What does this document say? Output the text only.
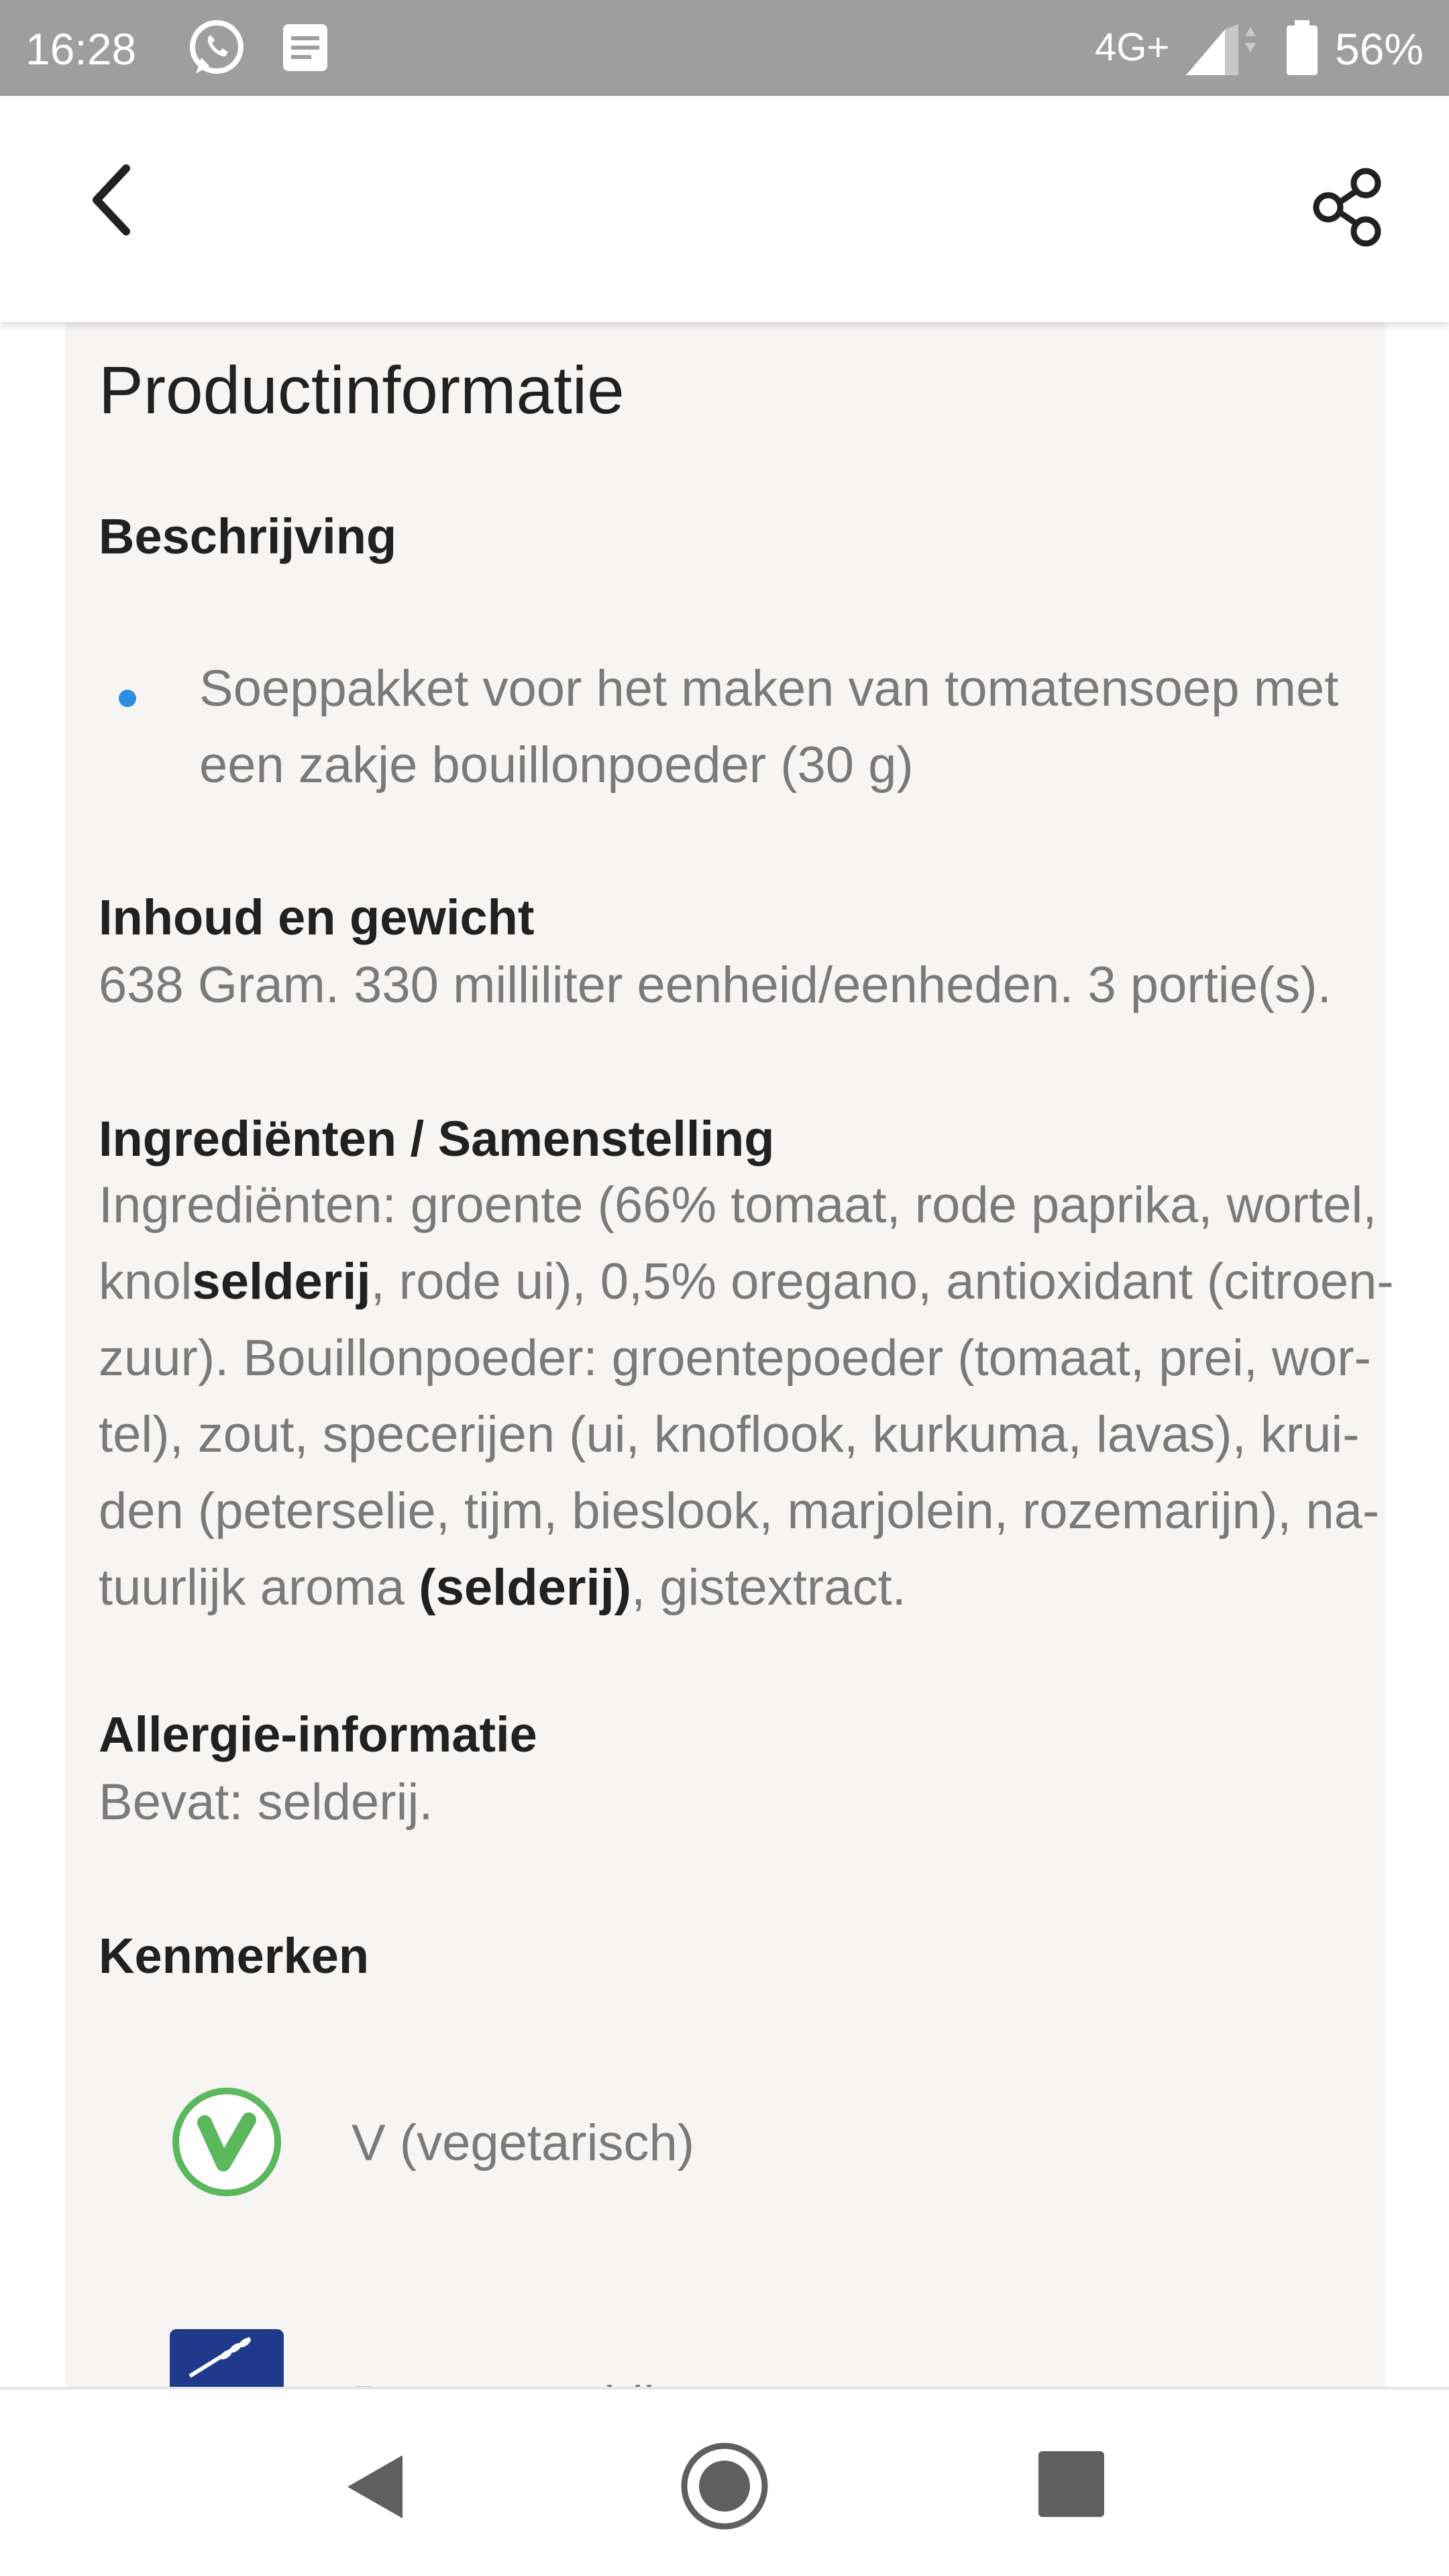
16:28	4G+	56%
Productinformatie
Beschrijving
Soeppakket voor het maken van tomatensoep met
een zakje bouillonpoeder (30 g)
Inhoud en gewicht

638 Gram. 330 milliliter eenheid/eenheden. 3 portie(s).

Ingrediënten / Samenstelling
Ingrediënten: groente (66% tomaat, rode paprika, wortel,
knolselderij, rode ui), 0,5% oregano, antioxidant (citroen-
zuur). Bouillonpoeder: groentepoeder (tomaat, prei, wor-
tel), zout, specerijen (ui, knoflook, kurkuma, lavas), krui-
den (peterselie, tijm, bieslook, marjolein, rozemarijn), na-
tuurlijk aroma (selderij), gistextract.
Allergie-informatie

Bevat: selderij.

Kenmerken
V (vegetarisch)
